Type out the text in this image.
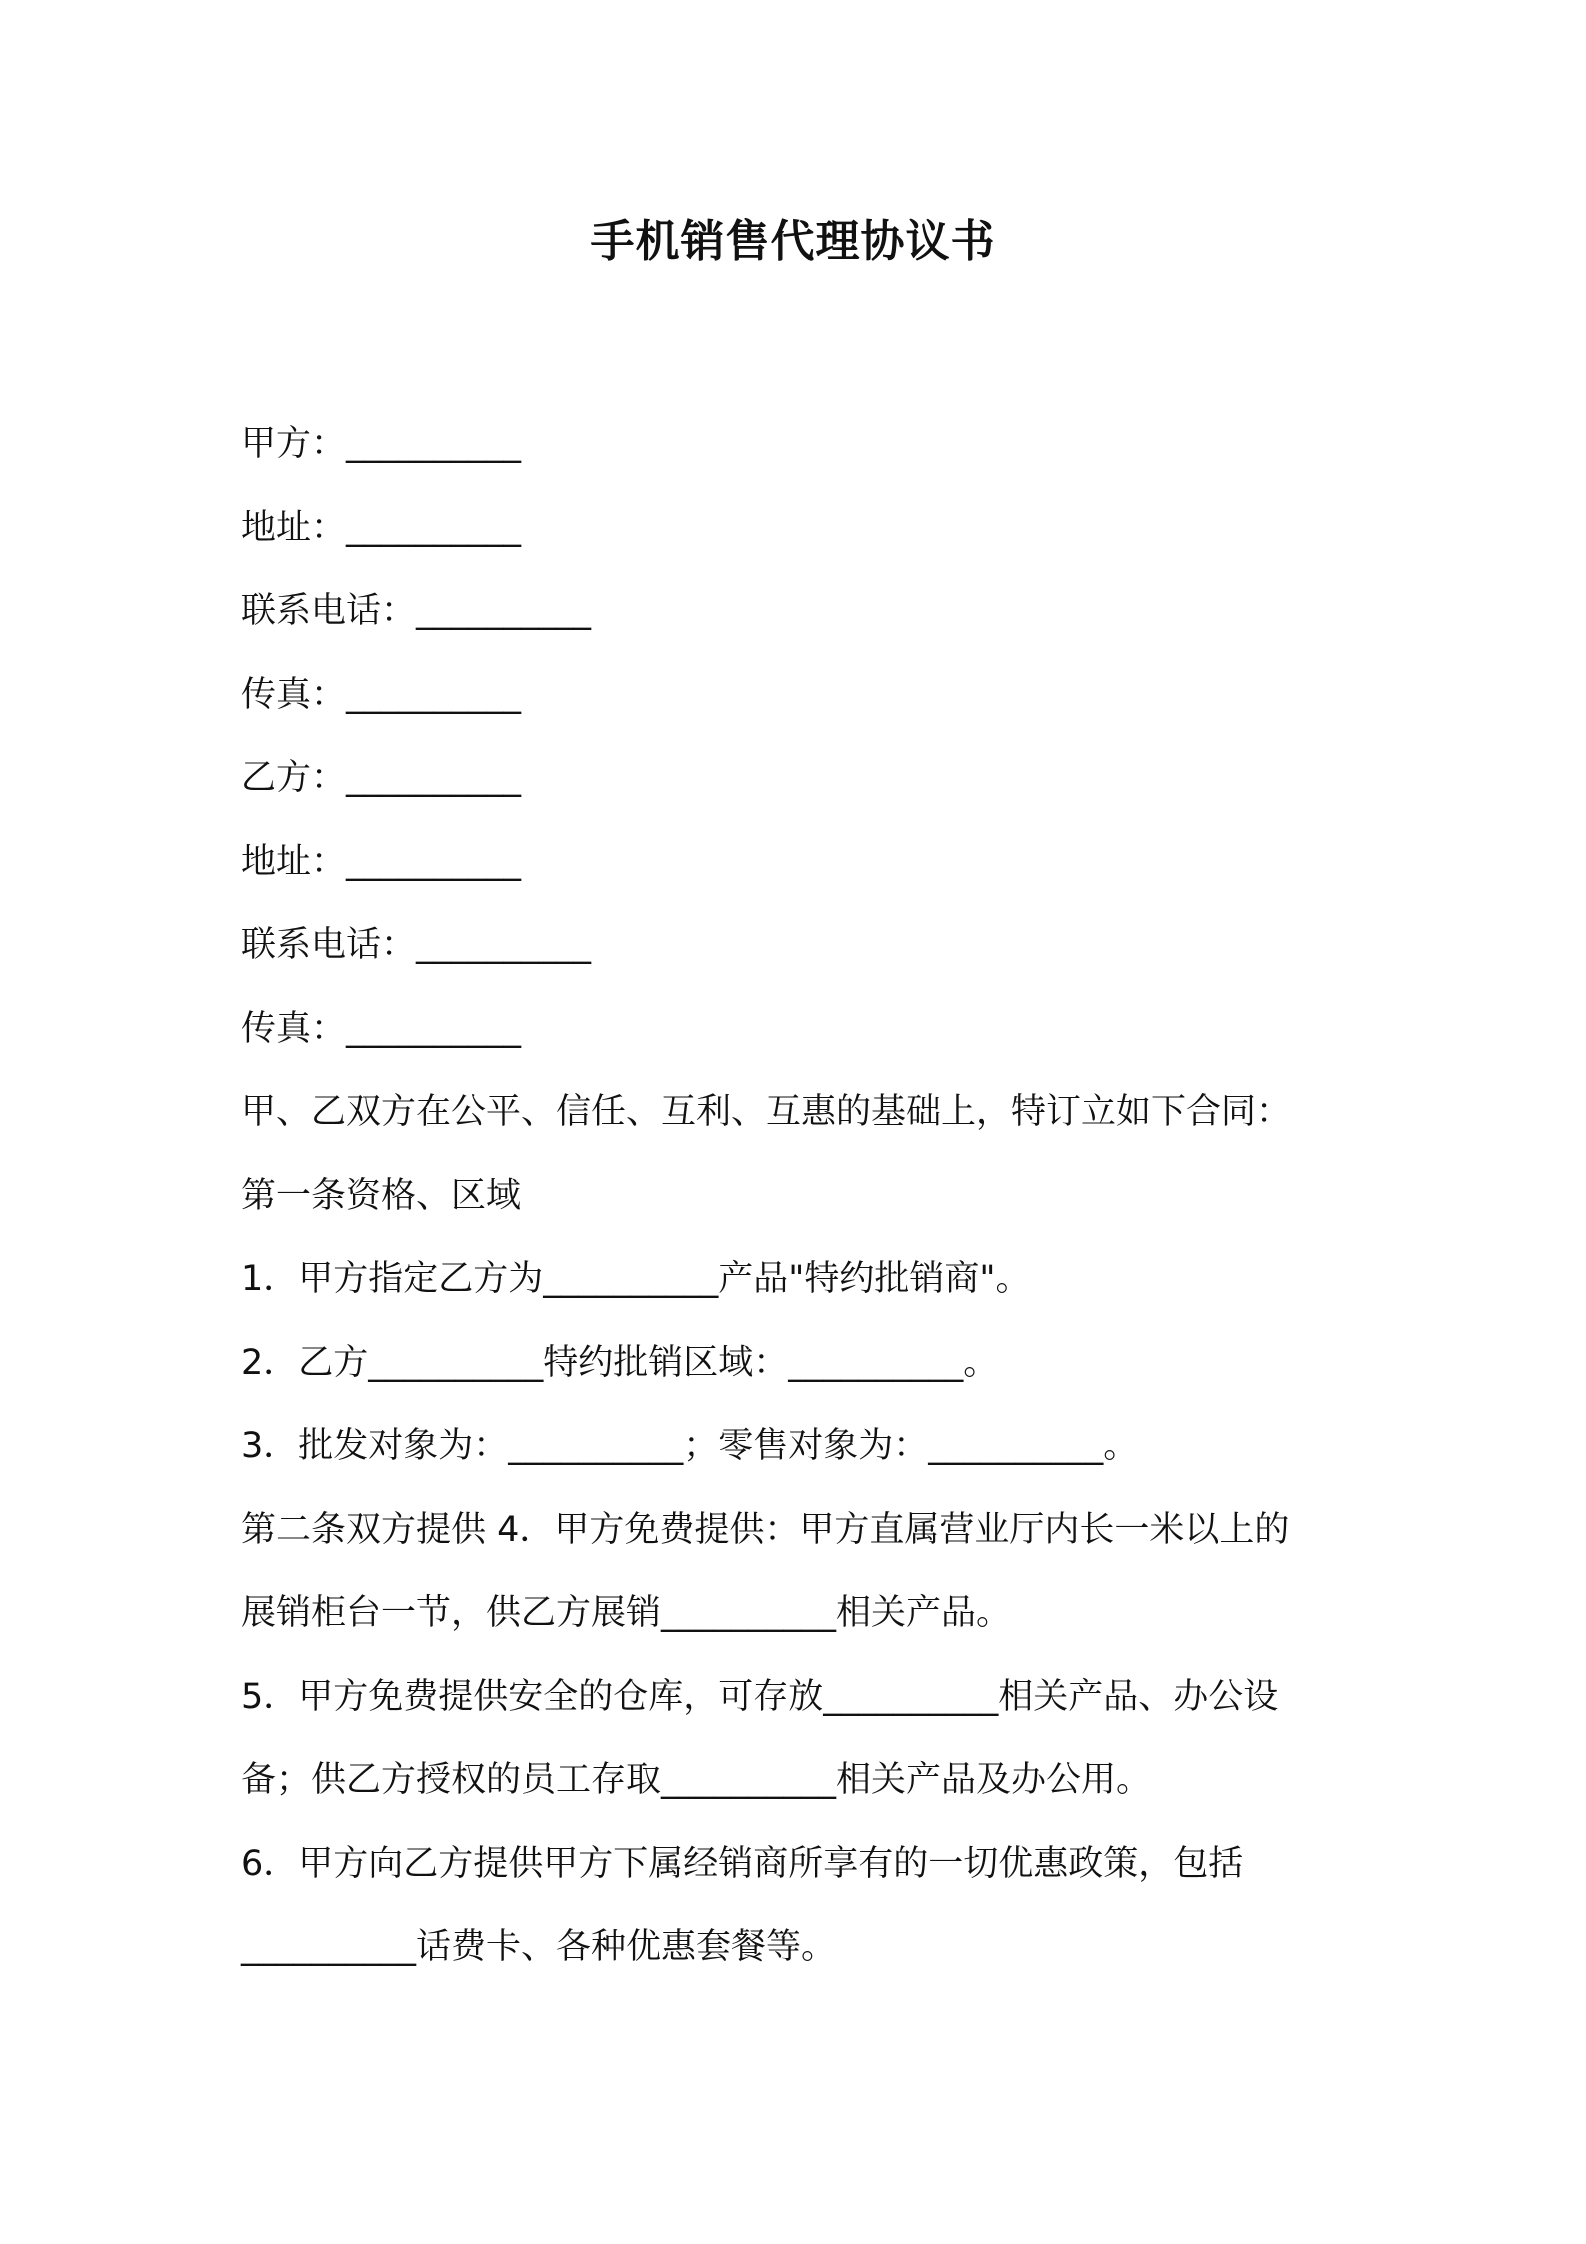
手机销售代理协议书
甲方：__________
地址：__________
联系电话：__________
传真：__________
乙方：__________
地址：__________
联系电话：__________
传真：__________
甲、乙双方在公平、信任、互利、互惠的基础上，特订立如下合同：
第一条资格、区域
1．甲方指定乙方为__________产品"特约批销商"。
2．乙方__________特约批销区域：__________。
3．批发对象为：__________；零售对象为：__________。
第二条双方提供 4．甲方免费提供：甲方直属营业厅内长一米以上的
展销柜台一节，供乙方展销__________相关产品。
5．甲方免费提供安全的仓库，可存放__________相关产品、办公设
备；供乙方授权的员工存取__________相关产品及办公用。
6．甲方向乙方提供甲方下属经销商所享有的一切优惠政策，包括
__________话费卡、各种优惠套餐等。
